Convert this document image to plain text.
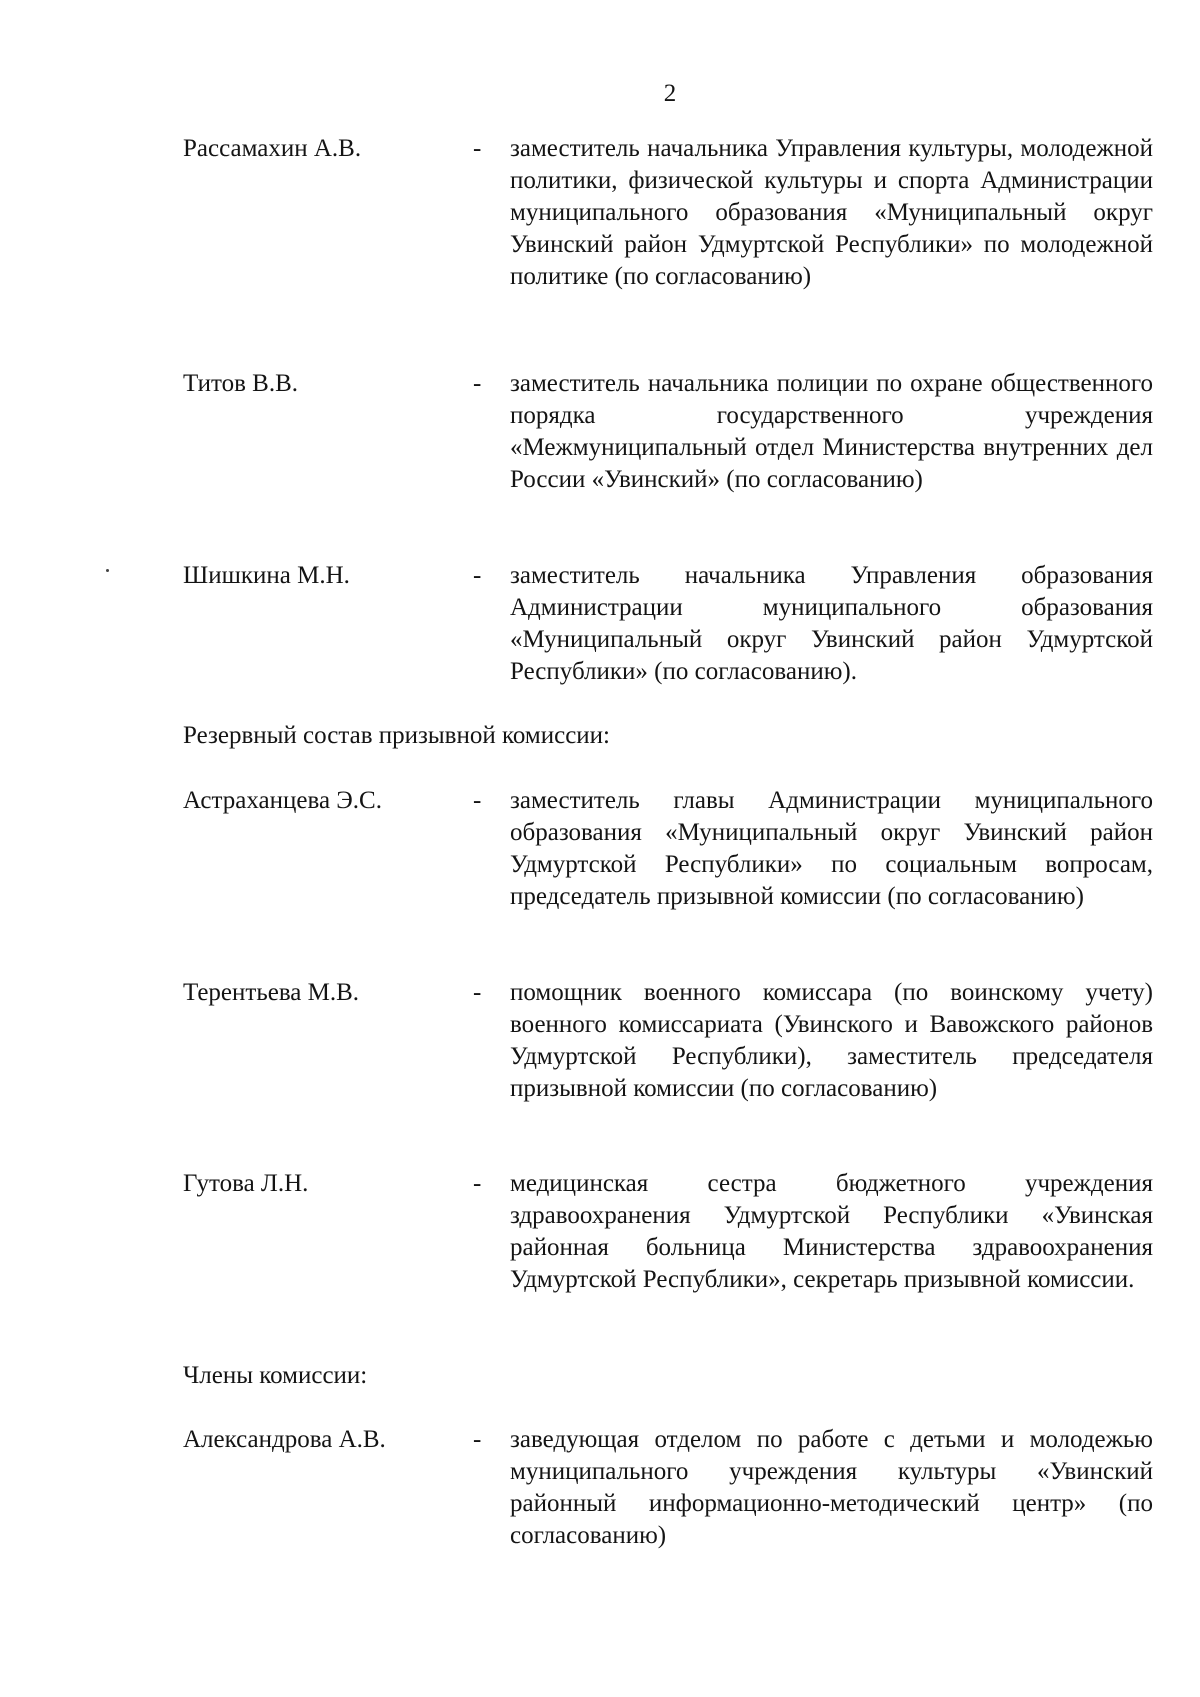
2
Рассамахин А.В.	- заместитель начальника Управления культуры, молодежной политики, физической культуры и спорта Администрации муниципального образования «Муниципальный округ Увинский район Удмуртской Республики» по молодежной политике (по согласованию)
Титов В.В.	- заместитель начальника полиции по охране общественного порядка государственного учреждения «Межмуниципальный отдел Министерства внутренних дел России «Увинский» (по согласованию)
Шишкина М.Н.	- заместитель начальника Управления образования Администрации муниципального образования «Муниципальный округ Увинский район Удмуртской Республики» (по согласованию).
Резервный состав призывной комиссии:
Астраханцева Э.С.	- заместитель главы Администрации муниципального образования «Муниципальный округ Увинский район Удмуртской Республики» по социальным вопросам, председатель призывной комиссии (по согласованию)
Терентьева М.В.	- помощник военного комиссара (по воинскому учету) военного комиссариата (Увинского и Вавожского районов Удмуртской Республики), заместитель председателя призывной комиссии (по согласованию)
Гутова Л.Н.	- медицинская сестра бюджетного учреждения здравоохранения Удмуртской Республики «Увинская районная больница Министерства здравоохранения Удмуртской Республики», секретарь призывной комиссии.
Члены комиссии:
Александрова А.В.	- заведующая отделом по работе с детьми и молодежью муниципального учреждения культуры «Увинский районный информационно-методический центр» (по согласованию)
